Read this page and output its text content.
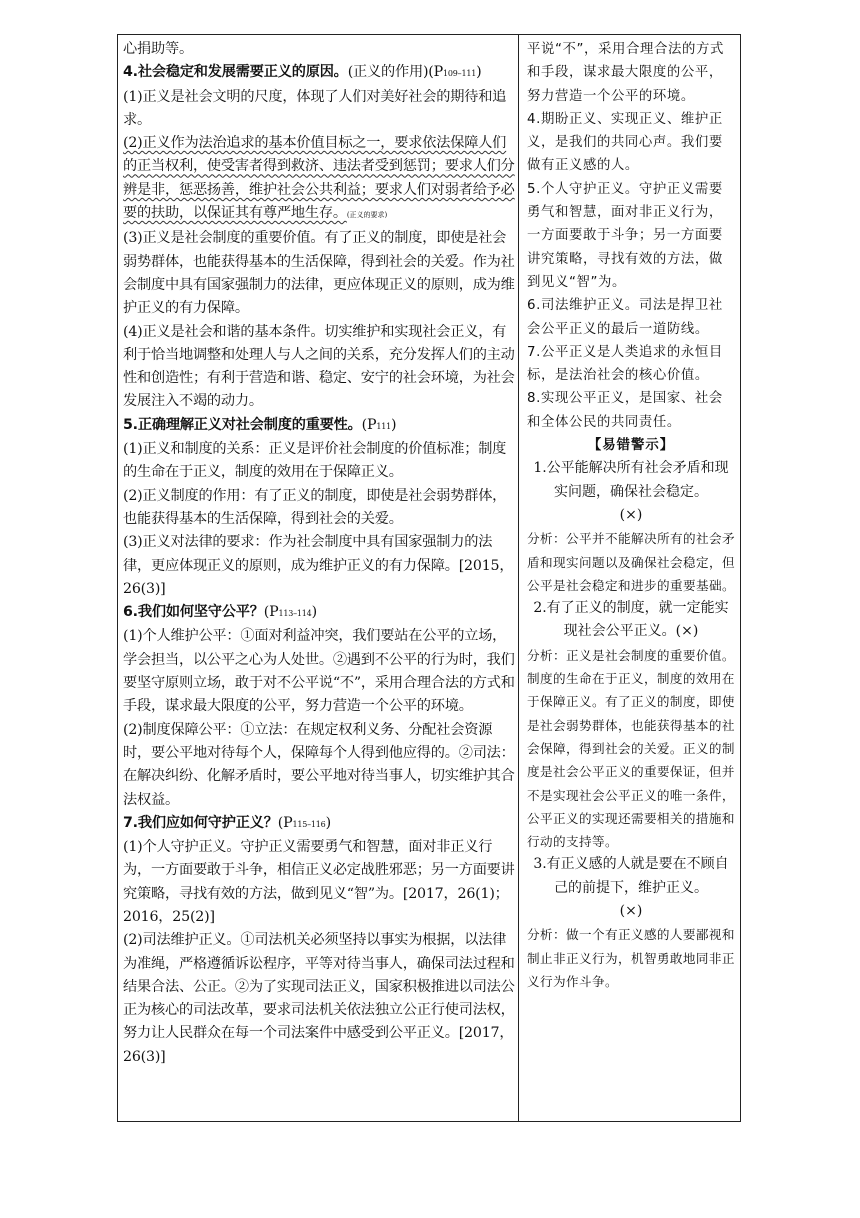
心捐助等。

4.社会稳定和发展需要正义的原因。(正义的作用)(P109–111)

(1)正义是社会文明的尺度，体现了人们对美好社会的期待和追求。

(2)正义作为法治追求的基本价值目标之一，要求依法保障人们的正当权利，使受害者得到救济、违法者受到惩罚；要求人们分辨是非，惩恶扬善，维护社会公共利益；要求人们对弱者给予必要的扶助，以保证其有尊严地生存。(正义的要求)

(3)正义是社会制度的重要价值。有了正义的制度，即使是社会弱势群体，也能获得基本的生活保障，得到社会的关爱。作为社会制度中具有国家强制力的法律，更应体现正义的原则，成为维护正义的有力保障。

(4)正义是社会和谐的基本条件。切实维护和实现社会正义，有利于恰当地调整和处理人与人之间的关系，充分发挥人们的主动性和创造性；有利于营造和谐、稳定、安宁的社会环境，为社会发展注入不竭的动力。

5.正确理解正义对社会制度的重要性。(P111)

(1)正义和制度的关系：正义是评价社会制度的价值标准；制度的生命在于正义，制度的效用在于保障正义。

(2)正义制度的作用：有了正义的制度，即使是社会弱势群体，也能获得基本的生活保障，得到社会的关爱。

(3)正义对法律的要求：作为社会制度中具有国家强制力的法律，更应体现正义的原则，成为维护正义的有力保障。[2015，26(3)]

6.我们如何坚守公平？(P113–114)

(1)个人维护公平：①面对利益冲突，我们要站在公平的立场，学会担当，以公平之心为人处世。②遇到不公平的行为时，我们要坚守原则立场，敢于对不公平说“不”，采用合理合法的方式和手段，谋求最大限度的公平，努力营造一个公平的环境。

(2)制度保障公平：①立法：在规定权利义务、分配社会资源时，要公平地对待每个人，保障每个人得到他应得的。②司法：在解决纠纷、化解矛盾时，要公平地对待当事人，切实维护其合法权益。

7.我们应如何守护正义？(P115–116)

(1)个人守护正义。守护正义需要勇气和智慧，面对非正义行为，一方面要敢于斗争，相信正义必定战胜邪恶；另一方面要讲究策略，寻找有效的方法，做到见义“智”为。[2017，26(1)；2016，25(2)]

(2)司法维护正义。①司法机关必须坚持以事实为根据，以法律为准绳，严格遵循诉讼程序，平等对待当事人，确保司法过程和结果合法、公正。②为了实现司法正义，国家积极推进以司法公正为核心的司法改革，要求司法机关依法独立公正行使司法权，努力让人民群众在每一个司法案件中感受到公平正义。[2017，26(3)]

平说“不”，采用合理合法的方式和手段，谋求最大限度的公平，努力营造一个公平的环境。

4.期盼正义、实现正义、维护正义，是我们的共同心声。我们要做有正义感的人。

5.个人守护正义。守护正义需要勇气和智慧，面对非正义行为，一方面要敢于斗争；另一方面要讲究策略，寻找有效的方法，做到见义“智”为。

6.司法维护正义。司法是捍卫社会公平正义的最后一道防线。

7.公平正义是人类追求的永恒目标，是法治社会的核心价值。

8.实现公平正义，是国家、社会和全体公民的共同责任。

【易错警示】

1.公平能解决所有社会矛盾和现实问题，确保社会稳定。

(×)

分析：公平并不能解决所有的社会矛盾和现实问题以及确保社会稳定，但公平是社会稳定和进步的重要基础。

2.有了正义的制度，就一定能实现社会公平正义。(×)

分析：正义是社会制度的重要价值。制度的生命在于正义，制度的效用在于保障正义。有了正义的制度，即使是社会弱势群体，也能获得基本的社会保障，得到社会的关爱。正义的制度是社会公平正义的重要保证，但并不是实现社会公平正义的唯一条件，公平正义的实现还需要相关的措施和行动的支持等。

3.有正义感的人就是要在不顾自己的前提下，维护正义。

(×)

分析：做一个有正义感的人要鄙视和制止非正义行为，机智勇敢地同非正义行为作斗争。
